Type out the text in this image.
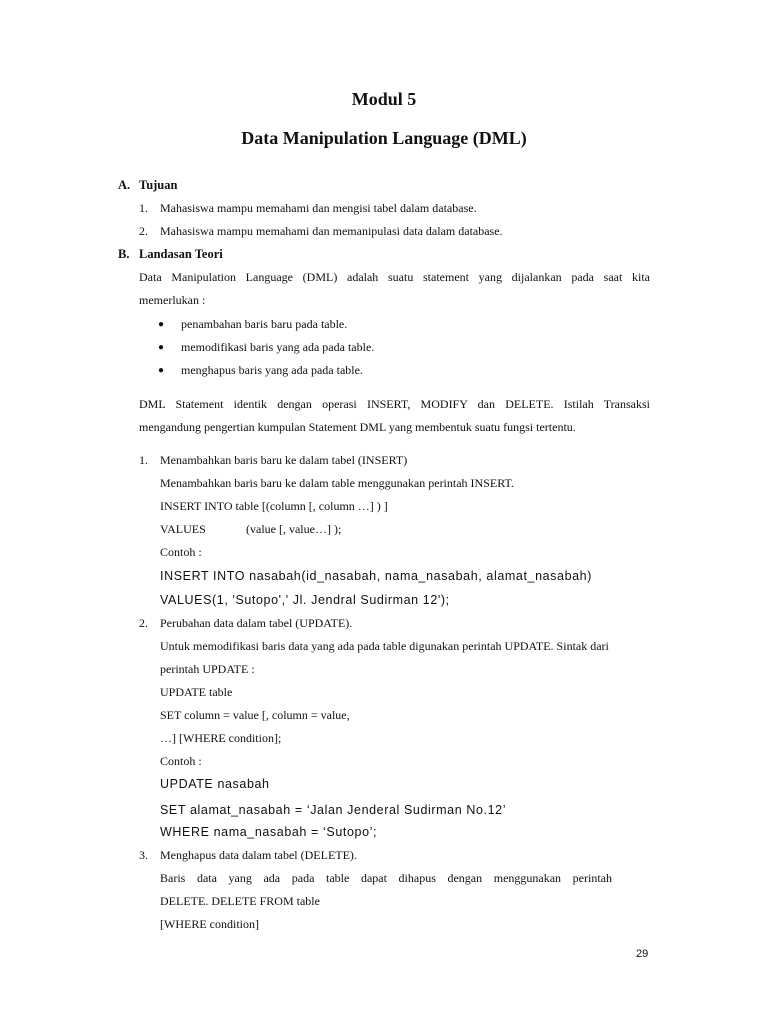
Modul 5
Data Manipulation Language (DML)
A. Tujuan
1. Mahasiswa mampu memahami dan mengisi tabel dalam database.
2. Mahasiswa mampu memahami dan memanipulasi data dalam database.
B. Landasan Teori
Data Manipulation Language (DML) adalah suatu statement yang dijalankan pada saat kita
memerlukan :
● penambahan baris baru pada table.
● memodifikasi baris yang ada pada table.
● menghapus baris yang ada pada table.
DML Statement identik dengan operasi INSERT, MODIFY dan DELETE. Istilah Transaksi
mengandung pengertian kumpulan Statement DML yang membentuk suatu fungsi tertentu.
1. Menambahkan baris baru ke dalam tabel (INSERT)
Menambahkan baris baru ke dalam table menggunakan perintah INSERT.
INSERT INTO table [(column [, column …] ) ]
VALUES	(value [, value…] );
Contoh :
INSERT INTO nasabah(id_nasabah, nama_nasabah, alamat_nasabah)
VALUES(1, 'Sutopo',' Jl. Jendral Sudirman 12');
2. Perubahan data dalam tabel (UPDATE).
Untuk memodifikasi baris data yang ada pada table digunakan perintah UPDATE. Sintak dari
perintah UPDATE :
UPDATE table
SET column = value [, column = value,
…] [WHERE condition];
Contoh :
UPDATE nasabah
SET alamat_nasabah = ‘Jalan Jenderal Sudirman No.12’
WHERE nama_nasabah = ‘Sutopo’;
3. Menghapus data dalam tabel (DELETE).
Baris data yang ada pada table dapat dihapus dengan menggunakan perintah
DELETE. DELETE FROM table
[WHERE condition]
29
